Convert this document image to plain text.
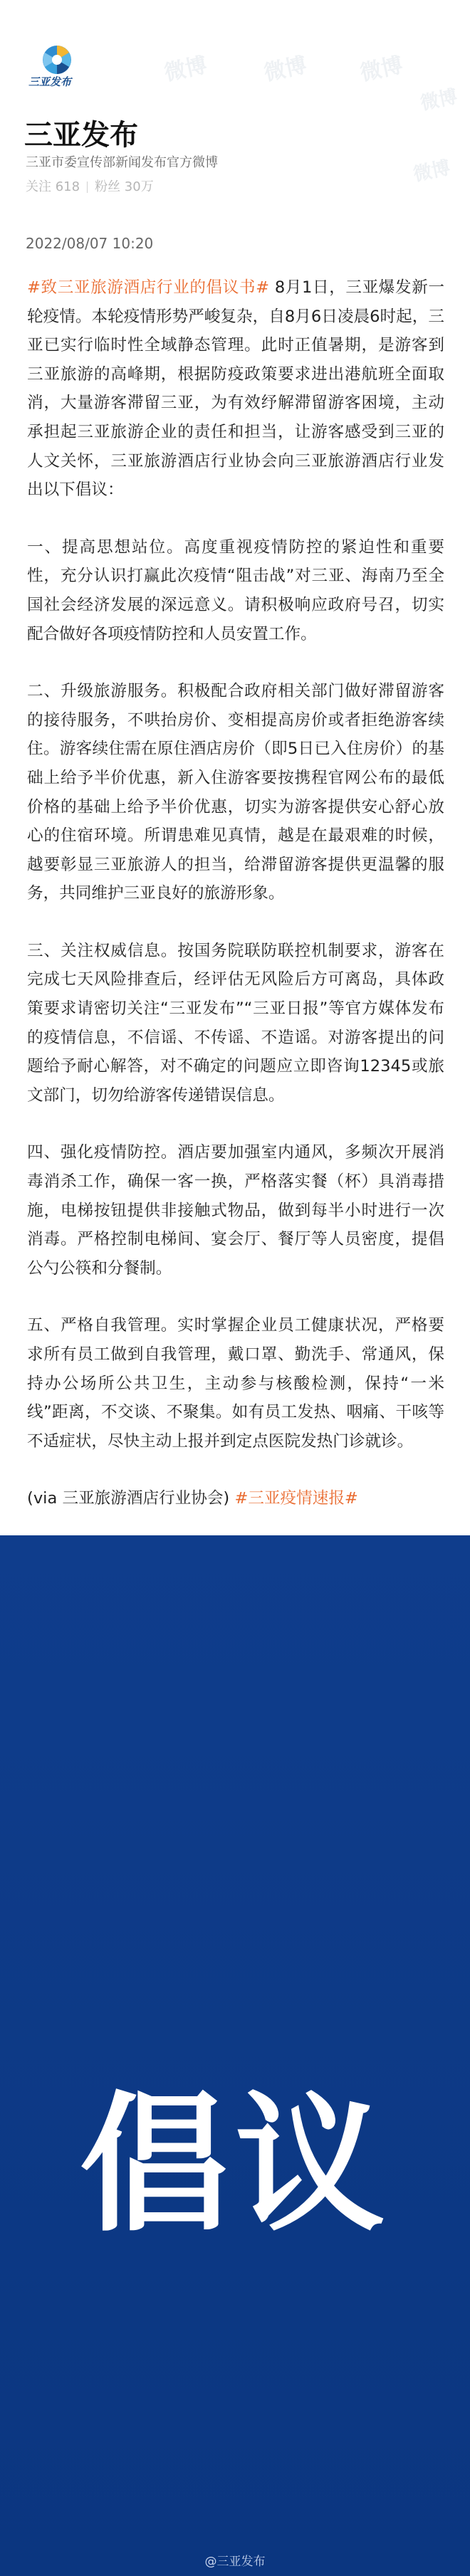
三亚发布	微博 微博 微博
微博
微博
三亚发布
三亚市委宣传部新闻发布官方微博
关注 618 粉丝 30万
2022/08/07 10:20

#致三亚旅游酒店行业的倡议书# 8月1日，三亚爆发新一轮疫情。本轮疫情形势严峻复杂，自8月6日凌晨6时起，三亚已实行临时性全域静态管理。此时正值暑期，是游客到三亚旅游的高峰期，根据防疫政策要求进出港航班全面取消，大量游客滞留三亚，为有效纾解滞留游客困境，主动承担起三亚旅游企业的责任和担当，让游客感受到三亚的人文关怀，三亚旅游酒店行业协会向三亚旅游酒店行业发出以下倡议：

一、提高思想站位。高度重视疫情防控的紧迫性和重要性，充分认识打赢此次疫情“阻击战”对三亚、海南乃至全国社会经济发展的深远意义。请积极响应政府号召，切实配合做好各项疫情防控和人员安置工作。

二、升级旅游服务。积极配合政府相关部门做好滞留游客的接待服务，不哄抬房价、变相提高房价或者拒绝游客续住。游客续住需在原住酒店房价（即5日已入住房价）的基础上给予半价优惠，新入住游客要按携程官网公布的最低价格的基础上给予半价优惠，切实为游客提供安心舒心放心的住宿环境。所谓患难见真情，越是在最艰难的时候，越要彰显三亚旅游人的担当，给滞留游客提供更温馨的服务，共同维护三亚良好的旅游形象。

三、关注权威信息。按国务院联防联控机制要求，游客在完成七天风险排查后，经评估无风险后方可离岛，具体政策要求请密切关注“三亚发布”“三亚日报”等官方媒体发布的疫情信息，不信谣、不传谣、不造谣。对游客提出的问题给予耐心解答，对不确定的问题应立即咨询12345或旅文部门，切勿给游客传递错误信息。

四、强化疫情防控。酒店要加强室内通风，多频次开展消毒消杀工作，确保一客一换，严格落实餐（杯）具消毒措施，电梯按钮提供非接触式物品，做到每半小时进行一次消毒。严格控制电梯间、宴会厅、餐厅等人员密度，提倡公勺公筷和分餐制。

五、严格自我管理。实时掌握企业员工健康状况，严格要求所有员工做到自我管理，戴口罩、勤洗手、常通风，保持办公场所公共卫生，主动参与核酸检测，保持“一米线”距离，不交谈、不聚集。如有员工发热、咽痛、干咳等不适症状，尽快主动上报并到定点医院发热门诊就诊。

(via 三亚旅游酒店行业协会) #三亚疫情速报#

倡议
@三亚发布
